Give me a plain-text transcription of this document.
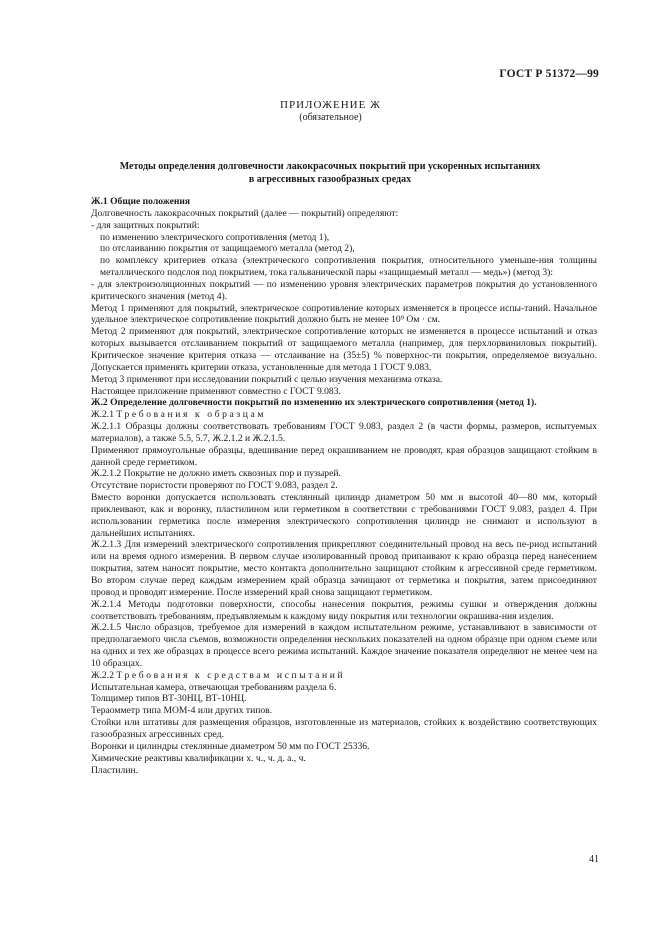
ГОСТ Р 51372—99
ПРИЛОЖЕНИЕ Ж
(обязательное)
Методы определения долговечности лакокрасочных покрытий при ускоренных испытаниях
в агрессивных газообразных средах

Ж.1 Общие положения

Долговечность лакокрасочных покрытий (далее — покрытий) определяют:

- для защитных покрытий:

по изменению электрического сопротивления (метод 1),

по отслаиванию покрытия от защищаемого металла (метод 2),

по комплексу критериев отказа (электрического сопротивления покрытия, относительного уменьше-ния толщины металлического подслоя под покрытием, тока гальванической пары «защищаемый металл — медь») (метод 3):

- для электроизоляционных покрытий — по изменению уровня электрических параметров покрытия до установленного критического значения (метод 4).

Метод 1 применяют для покрытий, электрическое сопротивление которых изменяется в процессе испы-таний. Начальное удельное электрическое сопротивление покрытий должно быть не менее 10⁹ Ом · см.

Метод 2 применяют для покрытий, электрическое сопротивление которых не изменяется в процессе испытаний и отказ которых вызывается отслаиванием покрытий от защищаемого металла (например, для перхлорвиниловых покрытий). Критическое значение критерия отказа — отслаивание на (35±5) % поверхнос-ти покрытия, определяемое визуально. Допускается применять критерии отказа, установленные для метода 1 ГОСТ 9.083.

Метод 3 применяют при исследовании покрытий с целью изучения механизма отказа.

Настоящее приложение применяют совместно с ГОСТ 9.083.

Ж.2 Определение долговечности покрытий по изменению их электрического сопротивления (метод 1).

Ж.2.1 Требования к образцам

Ж.2.1.1 Образцы должны соответствовать требованиям ГОСТ 9.083, раздел 2 (в части формы, размеров, испытуемых материалов), а также 5.5, 5.7, Ж.2.1.2 и Ж.2.1.5.

Применяют прямоугольные образцы, вдешивание перед окрашиванием не проводят, края образцов защищают стойким в данной среде герметиком.

Ж.2.1.2 Покрытие не должно иметь сквозных пор и пузырей.

Отсутствие пористости проверяют по ГОСТ 9.083, раздел 2.

Вместо воронки допускается использовать стеклянный цилиндр диаметром 50 мм и высотой 40—80 мм, который приклеивают, как и воронку, пластилином или герметиком в соответствии с требованиями ГОСТ 9.083, раздел 4. При использовании герметика после измерения электрического сопротивления цилиндр не снимают и используют в дальнейших испытаниях.

Ж.2.1.3 Для измерений электрического сопротивления прикрепляют соединительный провод на весь пе-риод испытаний или на время одного измерения. В первом случае изолированный провод припаивают к краю образца перед нанесением покрытия, затем наносят покрытие, место контакта дополнительно защищают стойким к агрессивной среде герметиком. Во втором случае перед каждым измерением край образца зачищают от герметика и покрытия, затем присоединяют провод и проводят измерение. После измерений край снова защищают герметиком.

Ж.2.1.4 Методы подготовки поверхности, способы нанесения покрытия, режимы сушки и отверждения должны соответствовать требованиям, предъявляемым к каждому виду покрытия или технологии окрашива-ния изделия.

Ж.2.1.5 Число образцов, требуемое для измерений в каждом испытательном режиме, устанавливают в зависимости от предполагаемого числа съемов, возможности определения нескольких показателей на одном образце при одном съеме или на одних и тех же образцах в процессе всего режима испытаний. Каждое значение показателя определяют не менее чем на 10 образцах.

Ж.2.2 Требования к средствам испытаний

Испытательная камера, отвечающая требованиям раздела 6.

Толщимер типов ВТ-30НЦ, ВТ-10НЦ.

Тераомметр типа МОМ-4 или других типов.

Стойки или штативы для размещения образцов, изготовленные из материалов, стойких к воздействию соответствующих газообразных агрессивных сред.

Воронки и цилиндры стеклянные диаметром 50 мм по ГОСТ 25336.

Химические реактивы квалификации х. ч., ч. д. а., ч.

Пластилин.

41
